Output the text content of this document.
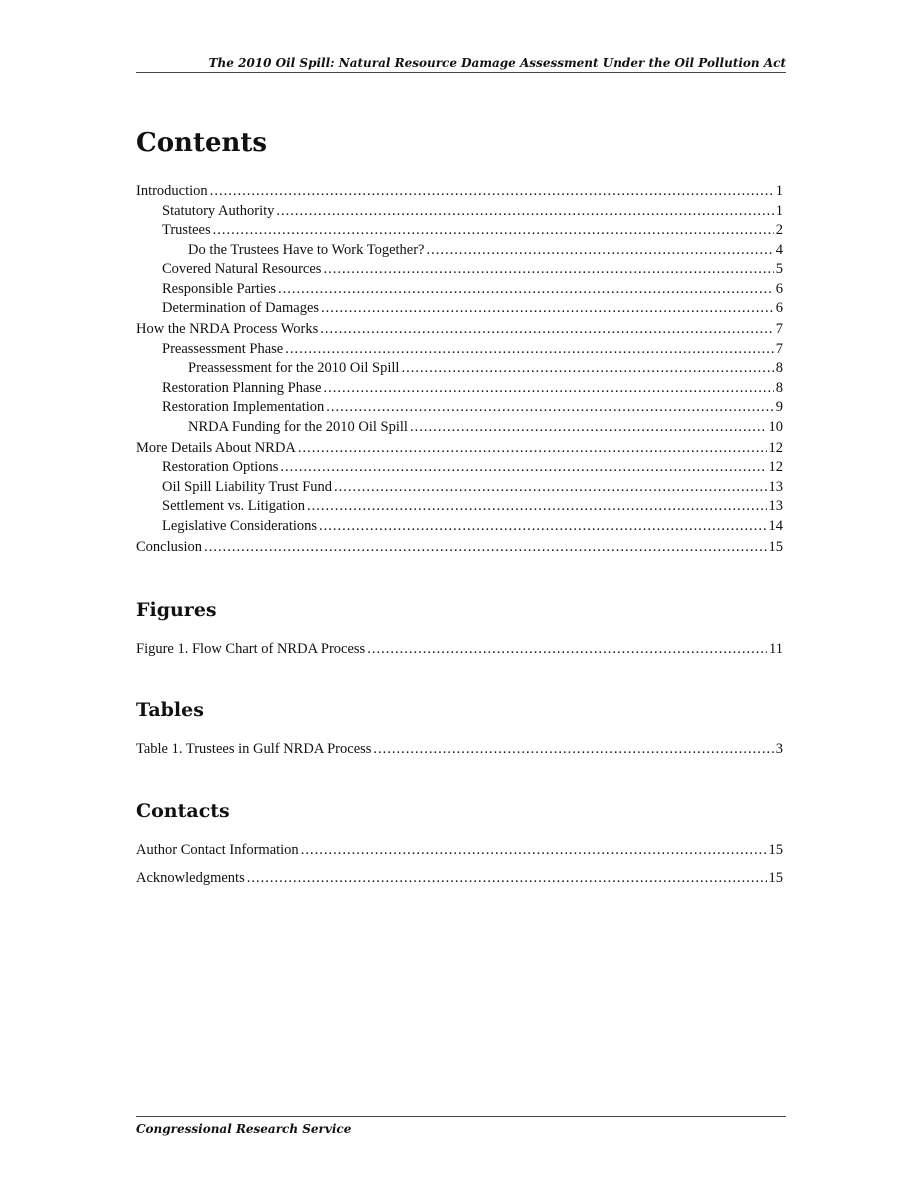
The 2010 Oil Spill: Natural Resource Damage Assessment Under the Oil Pollution Act
Contents
Introduction .....	1
Statutory Authority .....	1
Trustees .....	2
Do the Trustees Have to Work Together? .....	4
Covered Natural Resources .....	5
Responsible Parties .....	6
Determination of Damages .....	6
How the NRDA Process Works .....	7
Preassessment Phase .....	7
Preassessment for the 2010 Oil Spill .....	8
Restoration Planning Phase .....	8
Restoration Implementation .....	9
NRDA Funding for the 2010 Oil Spill .....	10
More Details About NRDA .....	12
Restoration Options .....	12
Oil Spill Liability Trust Fund .....	13
Settlement vs. Litigation .....	13
Legislative Considerations .....	14
Conclusion .....	15
Figures
Figure 1. Flow Chart of NRDA Process .....	11
Tables
Table 1. Trustees in Gulf NRDA Process .....	3
Contacts
Author Contact Information .....	15
Acknowledgments .....	15
Congressional Research Service
